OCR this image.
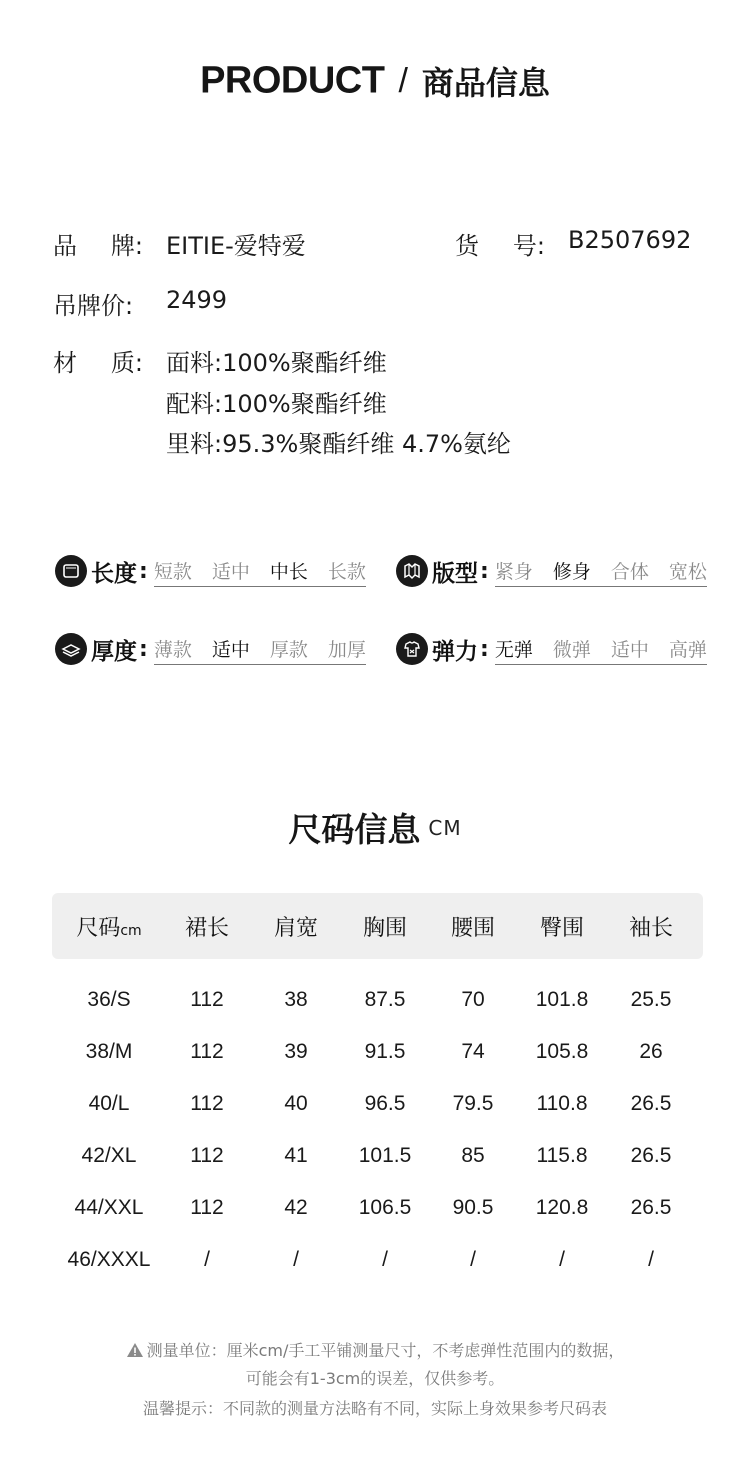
PRODUCT / 商品信息
品 牌: EITIE-爱特爱	货 号: B2507692
吊牌价: 2499
材 质: 面料:100%聚酯纤维
配料:100%聚酯纤维
里料:95.3%聚酯纤维 4.7%氨纶
长度 : 短款 适中 中长 长款	版型 : 紧身 修身 合体 宽松
厚度 : 薄款 适中 厚款 加厚	弹力 : 无弹 微弹 适中 高弹
尺码信息 CM
尺码cm	裙长	肩宽	胸围	腰围	臀围	袖长
36/S	112	38	87.5	70	101.8	25.5
38/M	112	39	91.5	74	105.8	26
40/L	112	40	96.5	79.5	110.8	26.5
42/XL	112	41	101.5	85	115.8	26.5
44/XXL	112	42	106.5	90.5	120.8	26.5
46/XXXL	/	/	/	/	/	/
测量单位：厘米cm/手工平铺测量尺寸，不考虑弹性范围内的数据，
可能会有1-3cm的误差，仅供参考。
温馨提示：不同款的测量方法略有不同，实际上身效果参考尺码表
